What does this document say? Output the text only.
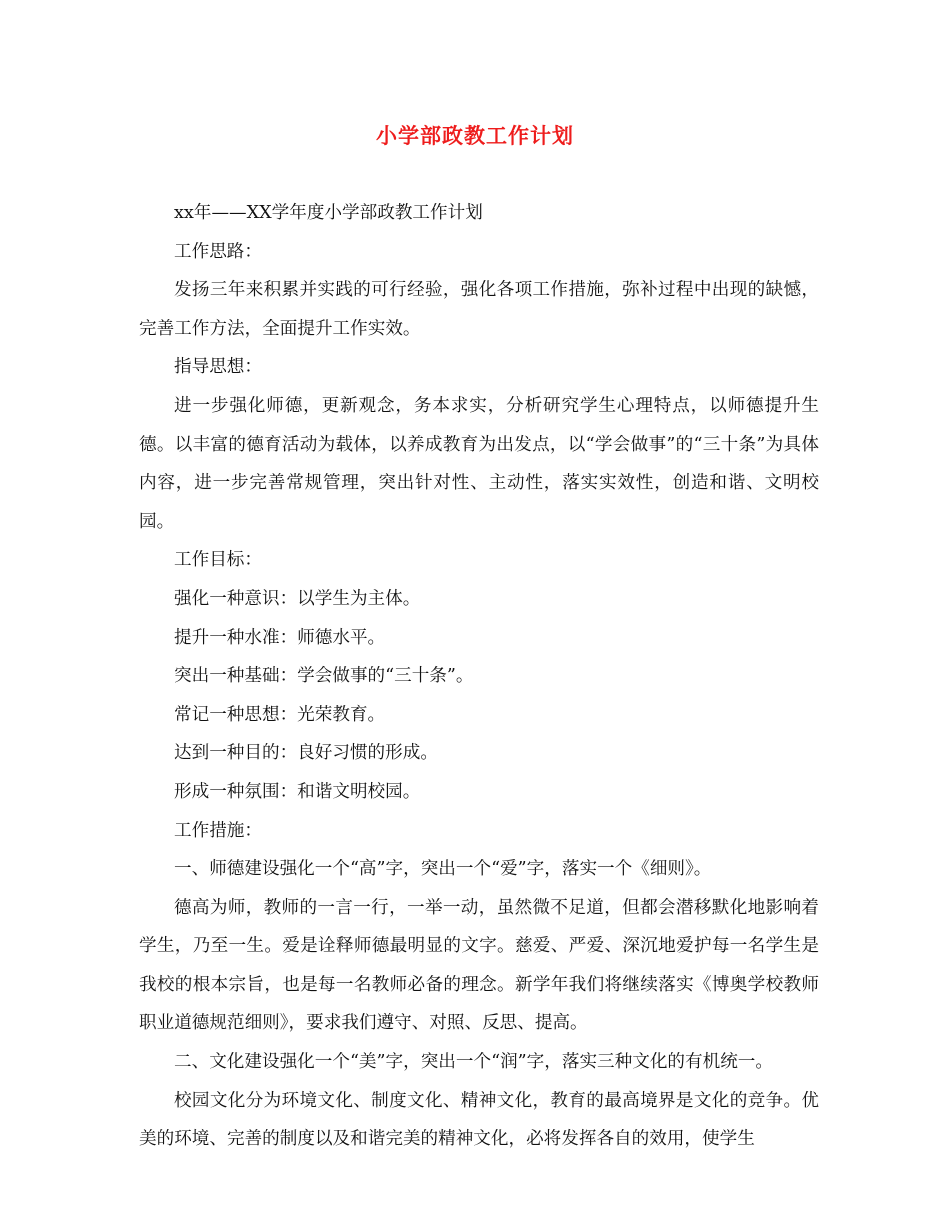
小学部政教工作计划

xx年——XX学年度小学部政教工作计划

工作思路：

发扬三年来积累并实践的可行经验，强化各项工作措施，弥补过程中出现的缺憾，完善工作方法，全面提升工作实效。

指导思想：

进一步强化师德，更新观念，务本求实，分析研究学生心理特点，以师德提升生德。以丰富的德育活动为载体，以养成教育为出发点，以“学会做事”的“三十条”为具体内容，进一步完善常规管理，突出针对性、主动性，落实实效性，创造和谐、文明校园。

工作目标：

强化一种意识：以学生为主体。

提升一种水准：师德水平。

突出一种基础：学会做事的“三十条”。

常记一种思想：光荣教育。

达到一种目的：良好习惯的形成。

形成一种氛围：和谐文明校园。

工作措施：

一、师德建设强化一个“高”字，突出一个“爱”字，落实一个《细则》。

德高为师，教师的一言一行，一举一动，虽然微不足道，但都会潜移默化地影响着学生，乃至一生。爱是诠释师德最明显的文字。慈爱、严爱、深沉地爱护每一名学生是我校的根本宗旨，也是每一名教师必备的理念。新学年我们将继续落实《博奥学校教师职业道德规范细则》，要求我们遵守、对照、反思、提高。

二、文化建设强化一个“美”字，突出一个“润”字，落实三种文化的有机统一。

校园文化分为环境文化、制度文化、精神文化，教育的最高境界是文化的竞争。优美的环境、完善的制度以及和谐完美的精神文化，必将发挥各自的效用，使学生
